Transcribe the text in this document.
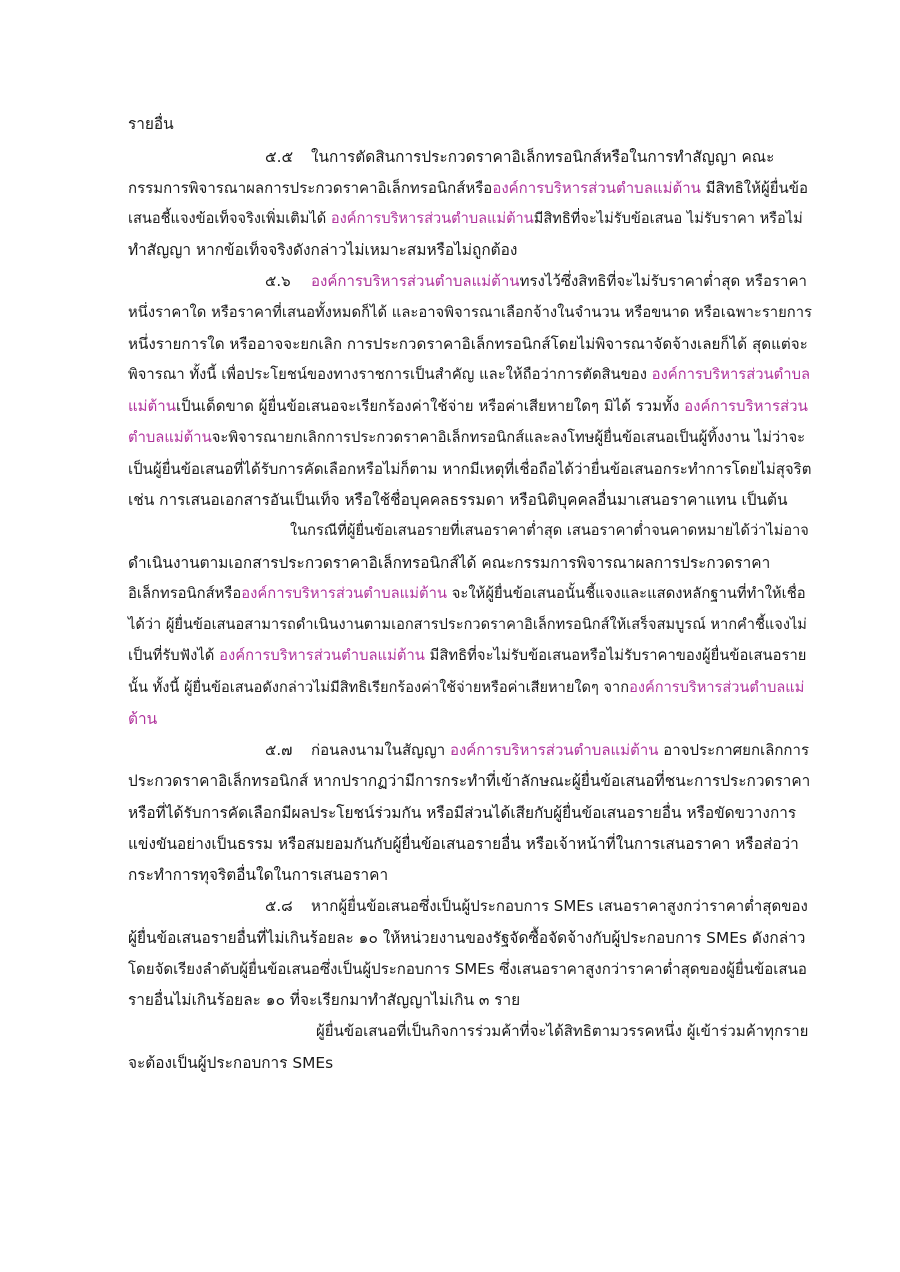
รายอื่น

๕.๕ ในการตัดสินการประกวดราคาอิเล็กทรอนิกส์หรือในการทำสัญญา คณะ

กรรมการพิจารณาผลการประกวดราคาอิเล็กทรอนิกส์หรือองค์การบริหารส่วนตำบลแม่ต้าน มีสิทธิให้ผู้ยื่นข้อ

เสนอชี้แจงข้อเท็จจริงเพิ่มเติมได้ องค์การบริหารส่วนตำบลแม่ต้านมีสิทธิที่จะไม่รับข้อเสนอ ไม่รับราคา หรือไม่

ทำสัญญา หากข้อเท็จจริงดังกล่าวไม่เหมาะสมหรือไม่ถูกต้อง

๕.๖ องค์การบริหารส่วนตำบลแม่ต้านทรงไว้ซึ่งสิทธิที่จะไม่รับราคาต่ำสุด หรือราคา

หนึ่งราคาใด หรือราคาที่เสนอทั้งหมดก็ได้ และอาจพิจารณาเลือกจ้างในจำนวน หรือขนาด หรือเฉพาะรายการ

หนึ่งรายการใด หรืออาจจะยกเลิก การประกวดราคาอิเล็กทรอนิกส์โดยไม่พิจารณาจัดจ้างเลยก็ได้ สุดแต่จะ

พิจารณา ทั้งนี้ เพื่อประโยชน์ของทางราชการเป็นสำคัญ และให้ถือว่าการตัดสินของ องค์การบริหารส่วนตำบล

แม่ต้านเป็นเด็ดขาด ผู้ยื่นข้อเสนอจะเรียกร้องค่าใช้จ่าย หรือค่าเสียหายใดๆ มิได้ รวมทั้ง องค์การบริหารส่วน

ตำบลแม่ต้านจะพิจารณายกเลิกการประกวดราคาอิเล็กทรอนิกส์และลงโทษผู้ยื่นข้อเสนอเป็นผู้ทิ้งงาน ไม่ว่าจะ

เป็นผู้ยื่นข้อเสนอที่ได้รับการคัดเลือกหรือไม่ก็ตาม หากมีเหตุที่เชื่อถือได้ว่ายื่นข้อเสนอกระทำการโดยไม่สุจริต

เช่น การเสนอเอกสารอันเป็นเท็จ หรือใช้ชื่อบุคคลธรรมดา หรือนิติบุคคลอื่นมาเสนอราคาแทน เป็นต้น

ในกรณีที่ผู้ยื่นข้อเสนอรายที่เสนอราคาต่ำสุด เสนอราคาต่ำจนคาดหมายได้ว่าไม่อาจ

ดำเนินงานตามเอกสารประกวดราคาอิเล็กทรอนิกส์ได้ คณะกรรมการพิจารณาผลการประกวดราคา

อิเล็กทรอนิกส์หรือองค์การบริหารส่วนตำบลแม่ต้าน จะให้ผู้ยื่นข้อเสนอนั้นชี้แจงและแสดงหลักฐานที่ทำให้เชื่อ

ได้ว่า ผู้ยื่นข้อเสนอสามารถดำเนินงานตามเอกสารประกวดราคาอิเล็กทรอนิกส์ให้เสร็จสมบูรณ์ หากคำชี้แจงไม่

เป็นที่รับฟังได้ องค์การบริหารส่วนตำบลแม่ต้าน มีสิทธิที่จะไม่รับข้อเสนอหรือไม่รับราคาของผู้ยื่นข้อเสนอราย

นั้น ทั้งนี้ ผู้ยื่นข้อเสนอดังกล่าวไม่มีสิทธิเรียกร้องค่าใช้จ่ายหรือค่าเสียหายใดๆ จากองค์การบริหารส่วนตำบลแม่

ต้าน

๕.๗ ก่อนลงนามในสัญญา องค์การบริหารส่วนตำบลแม่ต้าน อาจประกาศยกเลิกการ

ประกวดราคาอิเล็กทรอนิกส์ หากปรากฏว่ามีการกระทำที่เข้าลักษณะผู้ยื่นข้อเสนอที่ชนะการประกวดราคา

หรือที่ได้รับการคัดเลือกมีผลประโยชน์ร่วมกัน หรือมีส่วนได้เสียกับผู้ยื่นข้อเสนอรายอื่น หรือขัดขวางการ

แข่งขันอย่างเป็นธรรม หรือสมยอมกันกับผู้ยื่นข้อเสนอรายอื่น หรือเจ้าหน้าที่ในการเสนอราคา หรือส่อว่า

กระทำการทุจริตอื่นใดในการเสนอราคา

๕.๘ หากผู้ยื่นข้อเสนอซึ่งเป็นผู้ประกอบการ SMEs เสนอราคาสูงกว่าราคาต่ำสุดของ

ผู้ยื่นข้อเสนอรายอื่นที่ไม่เกินร้อยละ ๑๐ ให้หน่วยงานของรัฐจัดซื้อจัดจ้างกับผู้ประกอบการ SMEs ดังกล่าว

โดยจัดเรียงลำดับผู้ยื่นข้อเสนอซึ่งเป็นผู้ประกอบการ SMEs ซึ่งเสนอราคาสูงกว่าราคาต่ำสุดของผู้ยื่นข้อเสนอ

รายอื่นไม่เกินร้อยละ ๑๐ ที่จะเรียกมาทำสัญญาไม่เกิน ๓ ราย

ผู้ยื่นข้อเสนอที่เป็นกิจการร่วมค้าที่จะได้สิทธิตามวรรคหนึ่ง ผู้เข้าร่วมค้าทุกราย

จะต้องเป็นผู้ประกอบการ SMEs
